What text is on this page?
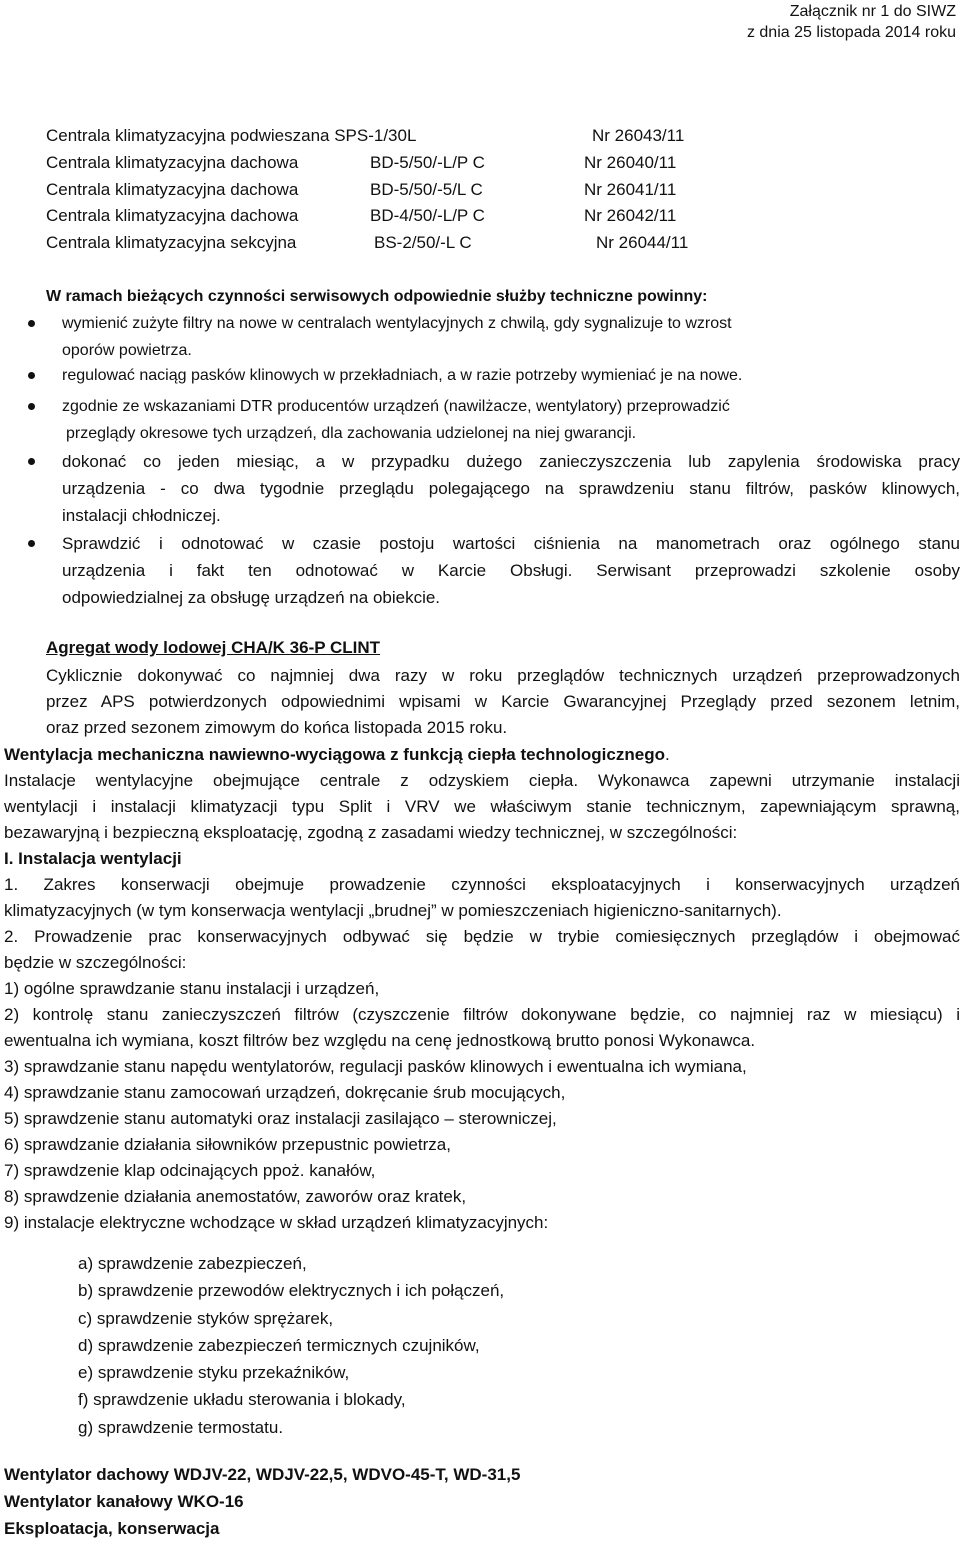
Załącznik nr 1 do SIWZ
z dnia 25 listopada 2014 roku
Centrala klimatyzacyjna podwieszana SPS-1/30L	Nr 26043/11
Centrala klimatyzacyjna dachowa	BD-5/50/-L/P C	Nr 26040/11
Centrala klimatyzacyjna dachowa	BD-5/50/-5/L C	Nr 26041/11
Centrala klimatyzacyjna dachowa	BD-4/50/-L/P C	Nr 26042/11
Centrala klimatyzacyjna sekcyjna	BS-2/50/-L C	Nr 26044/11
W ramach bieżących czynności serwisowych odpowiednie służby techniczne powinny:
wymienić zużyte filtry na nowe w centralach wentylacyjnych z chwilą, gdy sygnalizuje to wzrost
oporów powietrza.
regulować naciąg pasków klinowych w przekładniach, a w razie potrzeby wymieniać je na nowe.
zgodnie ze wskazaniami DTR producentów urządzeń (nawilżacze, wentylatory) przeprowadzić
przeglądy okresowe tych urządzeń, dla zachowania udzielonej na niej gwarancji.
dokonać co jeden miesiąc, a w przypadku dużego zanieczyszczenia lub zapylenia środowiska pracy
urządzenia - co dwa tygodnie przeglądu polegającego na sprawdzeniu stanu filtrów, pasków klinowych,
instalacji chłodniczej.
Sprawdzić i odnotować w czasie postoju wartości ciśnienia na manometrach oraz ogólnego stanu
urządzenia i fakt ten odnotować w Karcie Obsługi. Serwisant przeprowadzi szkolenie osoby
odpowiedzialnej za obsługę urządzeń na obiekcie.
Agregat wody lodowej CHA/K 36-P CLINT
Cyklicznie dokonywać co najmniej dwa razy w roku przeglądów technicznych urządzeń przeprowadzonych
przez APS potwierdzonych odpowiednimi wpisami w Karcie Gwarancyjnej Przeglądy przed sezonem letnim,
oraz przed sezonem zimowym do końca listopada 2015 roku.
Wentylacja mechaniczna nawiewno-wyciągowa z funkcją ciepła technologicznego.
Instalacje wentylacyjne obejmujące centrale z odzyskiem ciepła. Wykonawca zapewni utrzymanie instalacji
wentylacji i instalacji klimatyzacji typu Split i VRV we właściwym stanie technicznym, zapewniającym sprawną,
bezawaryjną i bezpieczną eksploatację, zgodną z zasadami wiedzy technicznej, w szczególności:
I. Instalacja wentylacji
1. Zakres konserwacji obejmuje prowadzenie czynności eksploatacyjnych i konserwacyjnych urządzeń
klimatyzacyjnych (w tym konserwacja wentylacji „brudnej” w pomieszczeniach higieniczno-sanitarnych).
2. Prowadzenie prac konserwacyjnych odbywać się będzie w trybie comiesięcznych przeglądów i obejmować
będzie w szczególności:
1) ogólne sprawdzanie stanu instalacji i urządzeń,
2) kontrolę stanu zanieczyszczeń filtrów (czyszczenie filtrów dokonywane będzie, co najmniej raz w miesiącu) i
ewentualna ich wymiana, koszt filtrów bez względu na cenę jednostkową brutto ponosi Wykonawca.
3) sprawdzanie stanu napędu wentylatorów, regulacji pasków klinowych i ewentualna ich wymiana,
4) sprawdzanie stanu zamocowań urządzeń, dokręcanie śrub mocujących,
5) sprawdzenie stanu automatyki oraz instalacji zasilająco – sterowniczej,
6) sprawdzanie działania siłowników przepustnic powietrza,
7) sprawdzenie klap odcinających ppoż. kanałów,
8) sprawdzenie działania anemostatów, zaworów oraz kratek,
9) instalacje elektryczne wchodzące w skład urządzeń klimatyzacyjnych:
a) sprawdzenie zabezpieczeń,
b) sprawdzenie przewodów elektrycznych i ich połączeń,
c) sprawdzenie styków sprężarek,
d) sprawdzenie zabezpieczeń termicznych czujników,
e) sprawdzenie styku przekaźników,
f) sprawdzenie układu sterowania i blokady,
g) sprawdzenie termostatu.
Wentylator dachowy WDJV-22, WDJV-22,5, WDVO-45-T, WD-31,5
Wentylator kanałowy WKO-16
Eksploatacja, konserwacja
